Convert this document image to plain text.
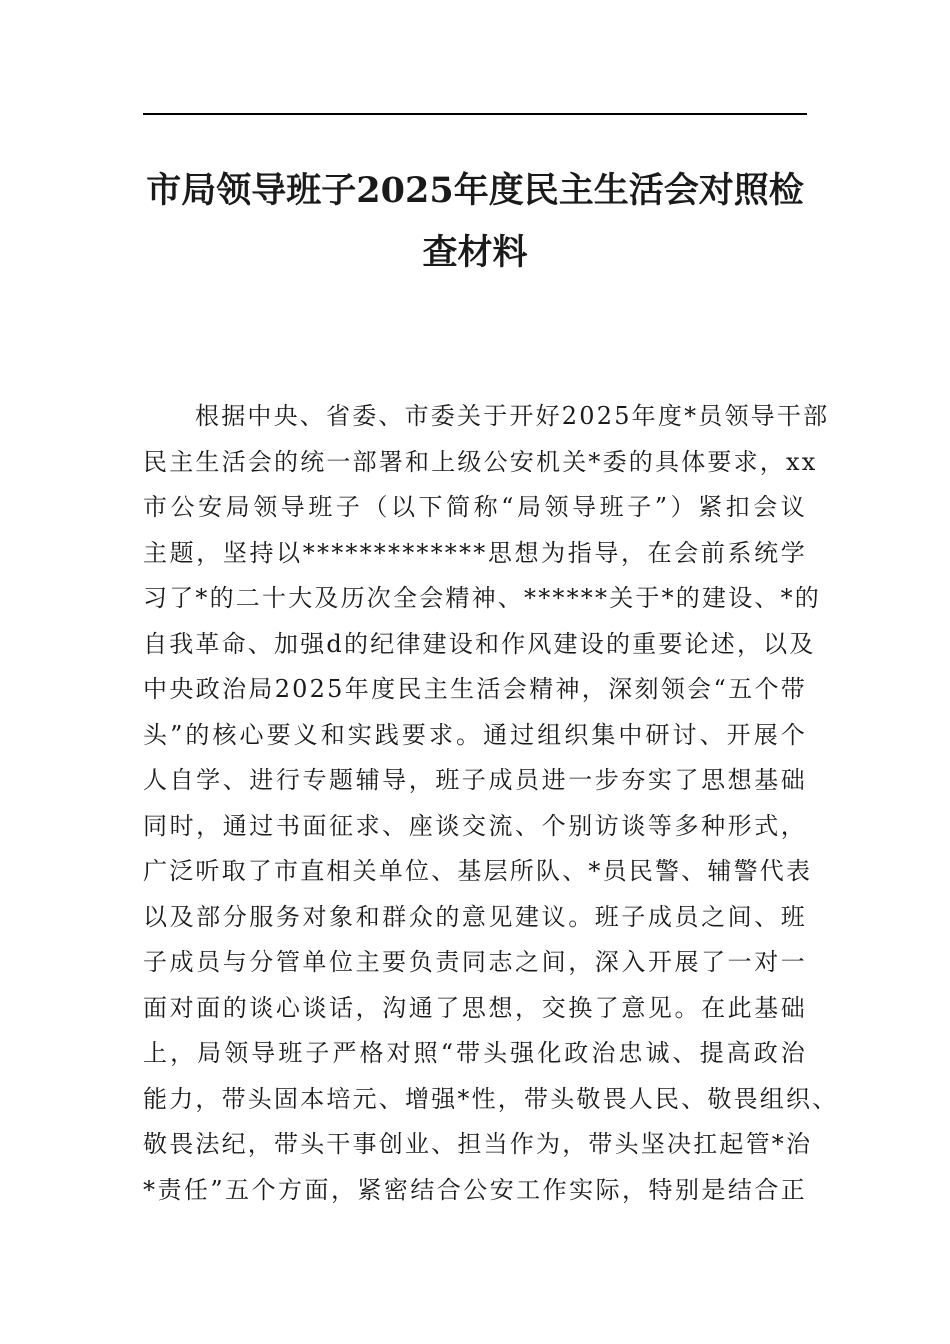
市局领导班子2025年度民主生活会对照检
查材料
根据中央、省委、市委关于开好2025年度*员领导干部
民主生活会的统一部署和上级公安机关*委的具体要求，xx
市公安局领导班子（以下简称“局领导班子”）紧扣会议
主题，坚持以*************思想为指导，在会前系统学
习了*的二十大及历次全会精神、******关于*的建设、*的
自我革命、加强d的纪律建设和作风建设的重要论述，以及
中央政治局2025年度民主生活会精神，深刻领会“五个带
头”的核心要义和实践要求。通过组织集中研讨、开展个
人自学、进行专题辅导，班子成员进一步夯实了思想基础
同时，通过书面征求、座谈交流、个别访谈等多种形式，
广泛听取了市直相关单位、基层所队、*员民警、辅警代表
以及部分服务对象和群众的意见建议。班子成员之间、班
子成员与分管单位主要负责同志之间，深入开展了一对一
面对面的谈心谈话，沟通了思想，交换了意见。在此基础
上，局领导班子严格对照“带头强化政治忠诚、提高政治
能力，带头固本培元、增强*性，带头敬畏人民、敬畏组织、
敬畏法纪，带头干事创业、担当作为，带头坚决扛起管*治
*责任”五个方面，紧密结合公安工作实际，特别是结合正
